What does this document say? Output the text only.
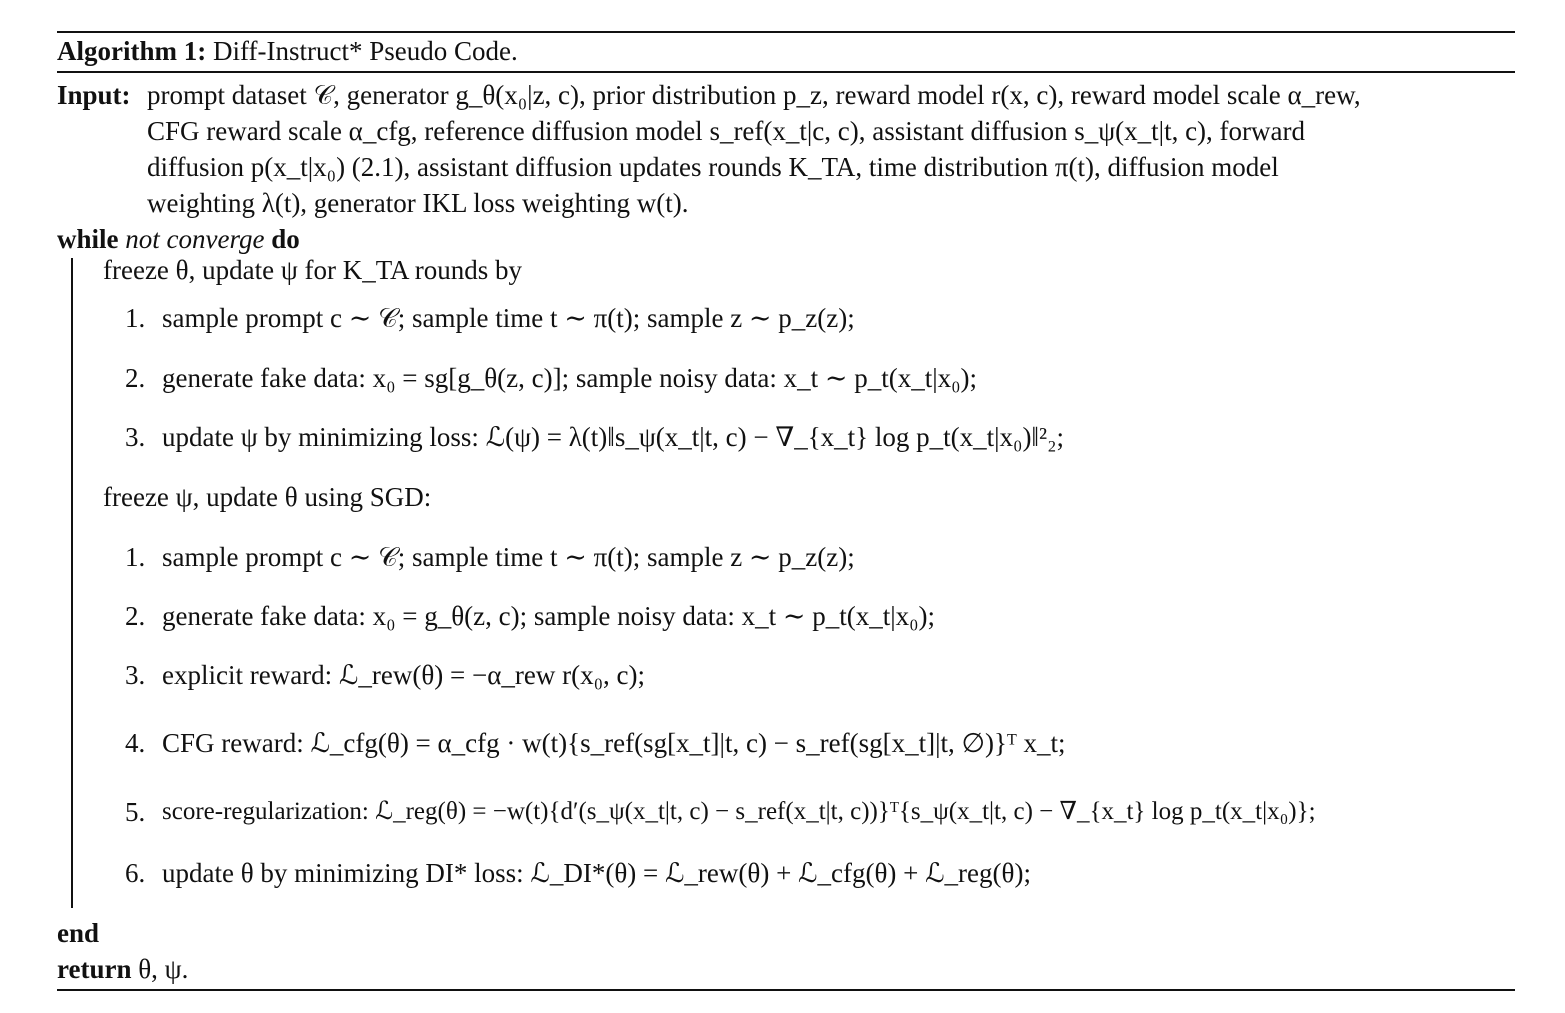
Algorithm 1: Diff-Instruct* Pseudo Code.
Input: prompt dataset 𝒞, generator g_θ(x₀|z, c), prior distribution p_z, reward model r(x, c), reward model scale α_rew,
CFG reward scale α_cfg, reference diffusion model s_ref(x_t|c, c), assistant diffusion s_ψ(x_t|t, c), forward
diffusion p(x_t|x₀) (2.1), assistant diffusion updates rounds K_TA, time distribution π(t), diffusion model
weighting λ(t), generator IKL loss weighting w(t).
while not converge do
freeze θ, update ψ for K_TA rounds by
1. sample prompt c ∼ 𝒞; sample time t ∼ π(t); sample z ∼ p_z(z);
2. generate fake data: x₀ = sg[g_θ(z, c)]; sample noisy data: x_t ∼ p_t(x_t|x₀);
3. update ψ by minimizing loss: ℒ(ψ) = λ(t)‖s_ψ(x_t|t, c) − ∇_{x_t} log p_t(x_t|x₀)‖²₂;
freeze ψ, update θ using SGD:
1. sample prompt c ∼ 𝒞; sample time t ∼ π(t); sample z ∼ p_z(z);
2. generate fake data: x₀ = g_θ(z, c); sample noisy data: x_t ∼ p_t(x_t|x₀);
3. explicit reward: ℒ_rew(θ) = −α_rew r(x₀, c);
4. CFG reward: ℒ_cfg(θ) = α_cfg · w(t){s_ref(sg[x_t]|t, c) − s_ref(sg[x_t]|t, ∅)}ᵀ x_t;
5. score-regularization: ℒ_reg(θ) = −w(t){d′(s_ψ(x_t|t, c) − s_ref(x_t|t, c))}ᵀ{s_ψ(x_t|t, c) − ∇_{x_t} log p_t(x_t|x₀)};
6. update θ by minimizing DI* loss: ℒ_DI*(θ) = ℒ_rew(θ) + ℒ_cfg(θ) + ℒ_reg(θ);
end
return θ, ψ.
